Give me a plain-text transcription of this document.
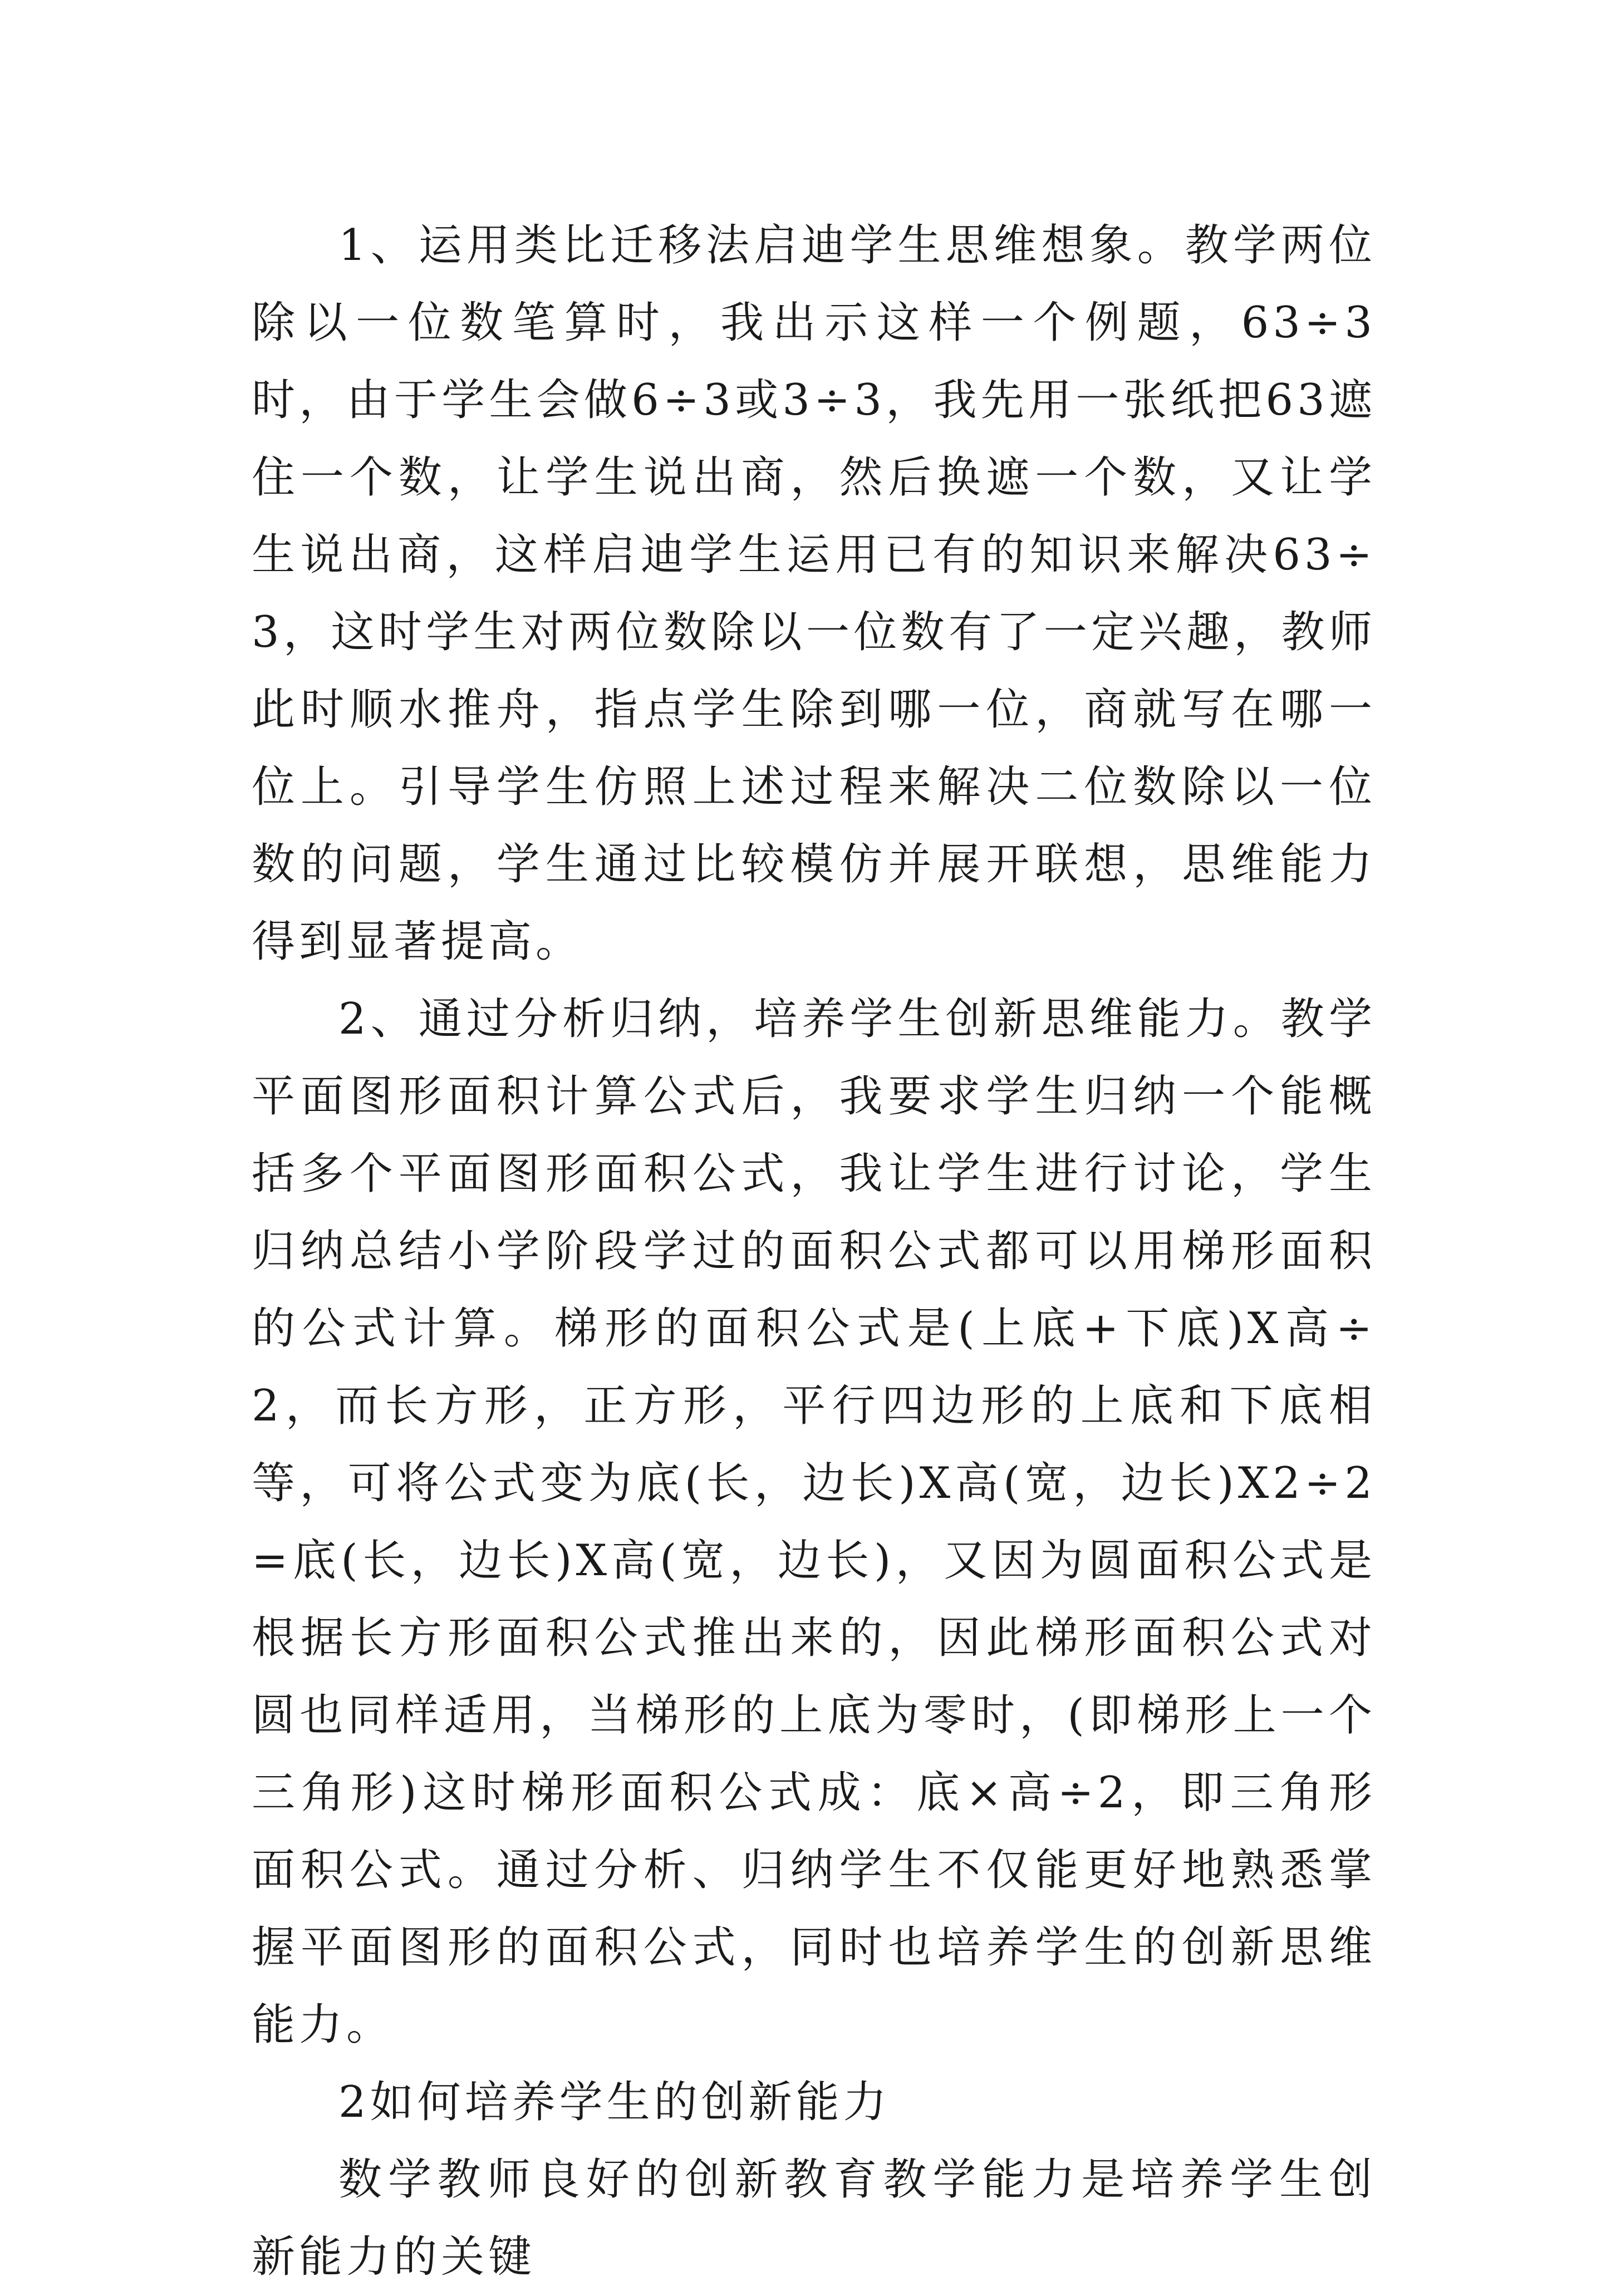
1、运用类比迁移法启迪学生思维想象。教学两位除以一位数笔算时，我出示这样一个例题，63÷3时，由于学生会做6÷3或3÷3，我先用一张纸把63遮住一个数，让学生说出商，然后换遮一个数，又让学生说出商，这样启迪学生运用已有的知识来解决63÷3，这时学生对两位数除以一位数有了一定兴趣，教师此时顺水推舟，指点学生除到哪一位，商就写在哪一位上。引导学生仿照上述过程来解决二位数除以一位数的问题，学生通过比较模仿并展开联想，思维能力得到显著提高。

2、通过分析归纳，培养学生创新思维能力。教学平面图形面积计算公式后，我要求学生归纳一个能概括多个平面图形面积公式，我让学生进行讨论，学生归纳总结小学阶段学过的面积公式都可以用梯形面积的公式计算。梯形的面积公式是(上底+下底)X高÷2，而长方形，正方形，平行四边形的上底和下底相等，可将公式变为底(长，边长)X高(宽，边长)X2÷2=底(长，边长)X高(宽，边长)，又因为圆面积公式是根据长方形面积公式推出来的，因此梯形面积公式对圆也同样适用，当梯形的上底为零时，(即梯形上一个三角形)这时梯形面积公式成：底×高÷2，即三角形面积公式。通过分析、归纳学生不仅能更好地熟悉掌握平面图形的面积公式，同时也培养学生的创新思维能力。

2如何培养学生的创新能力

数学教师良好的创新教育教学能力是培养学生创新能力的关键
